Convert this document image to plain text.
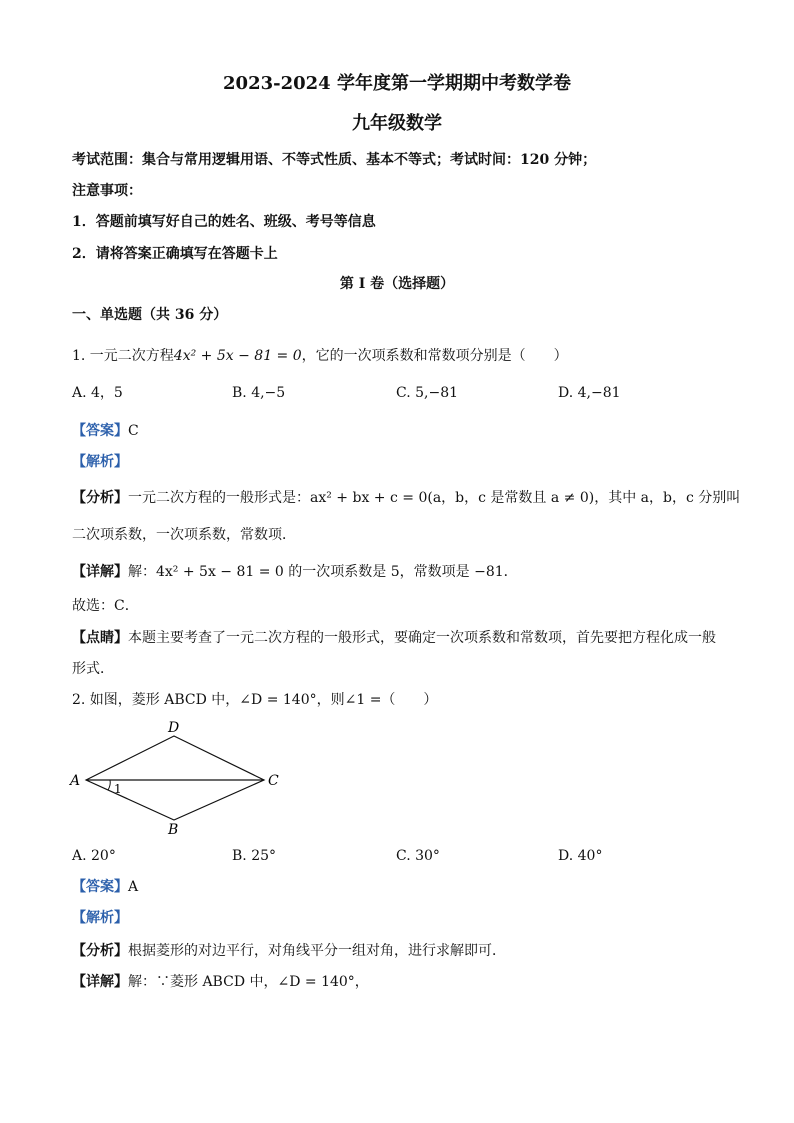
2023-2024 学年度第一学期期中考数学卷
九年级数学
考试范围：集合与常用逻辑用语、不等式性质、基本不等式；考试时间：120 分钟；
注意事项：
1．答题前填写好自己的姓名、班级、考号等信息
2．请将答案正确填写在答题卡上
第 I 卷（选择题）
一、单选题（共 36 分）
1. 一元二次方程4x² + 5x − 81 = 0，它的一次项系数和常数项分别是（　　）
A. 4，5	B. 4,−5	C. 5,−81	D. 4,−81
【答案】C
【解析】
【分析】一元二次方程的一般形式是：ax² + bx + c = 0(a，b，c 是常数且 a ≠ 0)，其中 a，b，c 分别叫
二次项系数，一次项系数，常数项．
【详解】解：4x² + 5x − 81 = 0 的一次项系数是 5，常数项是 −81．
故选：C．
【点睛】本题主要考查了一元二次方程的一般形式，要确定一次项系数和常数项，首先要把方程化成一般
形式．
2. 如图，菱形 ABCD 中，∠D = 140°，则∠1 =（　　）
A
D
C
B
1
A. 20°	B. 25°	C. 30°	D. 40°
【答案】A
【解析】
【分析】根据菱形的对边平行，对角线平分一组对角，进行求解即可．
【详解】解：∵菱形 ABCD 中，∠D = 140°，
